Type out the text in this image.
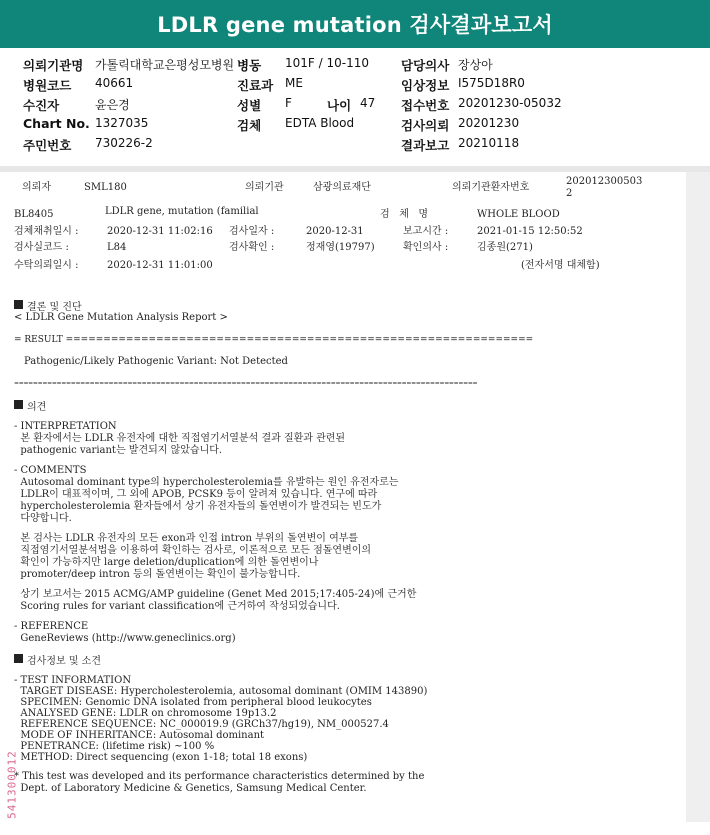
LDLR gene mutation 검사결과보고서
의뢰기관명 가톨릭대학교은평성모병원 병동 101F / 10-110	담당의사 장상아
병원코드 40661	진료과 ME	임상정보 I575D18R0
수진자	윤은경	성별 F	나이 47 접수번호 20201230-05032
Chart No. 1327035	검체 EDTA Blood	검사의뢰 20201230
주민번호 730226-2	결과보고 20210118
의뢰자	SML180	의뢰기관	삼광의료재단	의뢰기관환자번호
202012300503
2
BL8405	LDLR gene, mutation (familial	검   체   명	WHOLE BLOOD
검체채취일시 :	2020-12-31 11:02:16 검사일자 :	2020-12-31	보고시간 :	2021-01-15 12:50:52
검사실코드 :	L84	검사확인 :	정재영(19797)	확인의사 :	김종원(271)
수탁의뢰일시 :	2020-12-31 11:01:00	(전자서명 대체함)
결론 및 진단
< LDLR Gene Mutation Analysis Report >
= RESULT ==============================================================
Pathogenic/Likely Pathogenic Variant: Not Detected
==================================================================================================
의견
- INTERPRETATION
본 환자에서는 LDLR 유전자에 대한 직접염기서열분석 결과 질환과 관련된
pathogenic variant는 발견되지 않았습니다.
- COMMENTS
Autosomal dominant type의 hypercholesterolemia를 유발하는 원인 유전자로는
LDLR이 대표적이며, 그 외에 APOB, PCSK9 등이 알려져 있습니다. 연구에 따라
hypercholesterolemia 환자들에서 상기 유전자들의 돌연변이가 발견되는 빈도가
다양합니다.
본 검사는 LDLR 유전자의 모든 exon과 인접 intron 부위의 돌연변이 여부를
직접염기서열분석법을 이용하여 확인하는 검사로, 이론적으로 모든 점돌연변이의
확인이 가능하지만 large deletion/duplication에 의한 돌연변이나
promoter/deep intron 등의 돌연변이는 확인이 불가능합니다.
상기 보고서는 2015 ACMG/AMP guideline (Genet Med 2015;17:405-24)에 근거한
Scoring rules for variant classification에 근거하여 작성되었습니다.
- REFERENCE
GeneReviews (http://www.geneclinics.org)
검사정보 및 소견
- TEST INFORMATION
TARGET DISEASE: Hypercholesterolemia, autosomal dominant (OMIM 143890)
SPECIMEN: Genomic DNA isolated from peripheral blood leukocytes
ANALYSED GENE: LDLR on chromosome 19p13.2
REFERENCE SEQUENCE: NC_000019.9 (GRCh37/hg19), NM_000527.4
MODE OF INHERITANCE: Autosomal dominant
PENETRANCE: (lifetime risk) ~100 %
METHOD: Direct sequencing (exon 1-18; total 18 exons)
* This test was developed and its performance characteristics determined by the
Dept. of Laboratory Medicine & Genetics, Samsung Medical Center.
541300012
